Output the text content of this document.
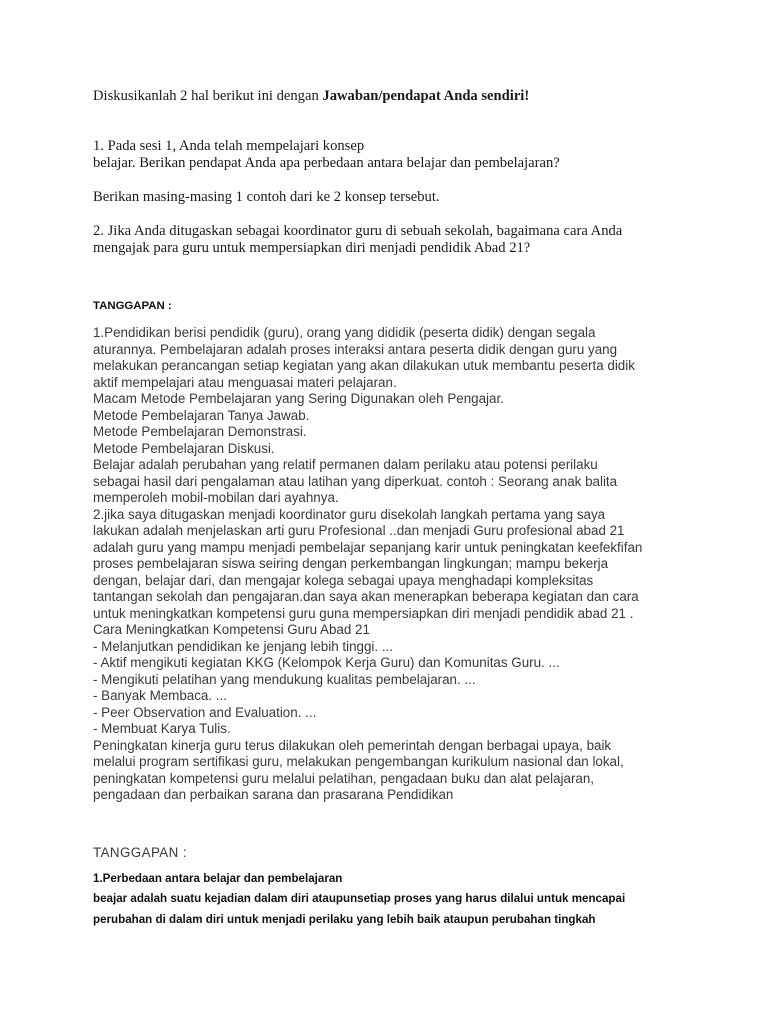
Diskusikanlah 2 hal berikut ini dengan Jawaban/pendapat Anda sendiri!

1. Pada sesi 1, Anda telah mempelajari konsep

belajar. Berikan pendapat Anda apa perbedaan antara belajar dan pembelajaran?

Berikan masing-masing 1 contoh dari ke 2 konsep tersebut.

2. Jika Anda ditugaskan sebagai koordinator guru di sebuah sekolah, bagaimana cara Anda

mengajak para guru untuk mempersiapkan diri menjadi pendidik Abad 21?

TANGGAPAN :

1.Pendidikan berisi pendidik (guru), orang yang dididik (peserta didik) dengan segala

aturannya. Pembelajaran adalah proses interaksi antara peserta didik dengan guru yang

melakukan perancangan setiap kegiatan yang akan dilakukan utuk membantu peserta didik

aktif mempelajari atau menguasai materi pelajaran.

Macam Metode Pembelajaran yang Sering Digunakan oleh Pengajar.

Metode Pembelajaran Tanya Jawab.

Metode Pembelajaran Demonstrasi.

Metode Pembelajaran Diskusi.

Belajar adalah perubahan yang relatif permanen dalam perilaku atau potensi perilaku

sebagai hasil dari pengalaman atau latihan yang diperkuat. contoh : Seorang anak balita

memperoleh mobil-mobilan dari ayahnya.

2.jika saya ditugaskan menjadi koordinator guru disekolah langkah pertama yang saya

lakukan adalah menjelaskan arti guru Profesional ..dan menjadi Guru profesional abad 21

adalah guru yang mampu menjadi pembelajar sepanjang karir untuk peningkatan keefekfifan

proses pembelajaran siswa seiring dengan perkembangan lingkungan; mampu bekerja

dengan, belajar dari, dan mengajar kolega sebagai upaya menghadapi kompleksitas

tantangan sekolah dan pengajaran.dan saya akan menerapkan beberapa kegiatan dan cara

untuk meningkatkan kompetensi guru guna mempersiapkan diri menjadi pendidik abad 21 .

Cara Meningkatkan Kompetensi Guru Abad 21

- Melanjutkan pendidikan ke jenjang lebih tinggi. ...

- Aktif mengikuti kegiatan KKG (Kelompok Kerja Guru) dan Komunitas Guru. ...

- Mengikuti pelatihan yang mendukung kualitas pembelajaran. ...

- Banyak Membaca. ...

- Peer Observation and Evaluation. ...

- Membuat Karya Tulis.

Peningkatan kinerja guru terus dilakukan oleh pemerintah dengan berbagai upaya, baik

melalui program sertifikasi guru, melakukan pengembangan kurikulum nasional dan lokal,

peningkatan kompetensi guru melalui pelatihan, pengadaan buku dan alat pelajaran,

pengadaan dan perbaikan sarana dan prasarana Pendidikan

TANGGAPAN :
1.Perbedaan antara belajar dan pembelajaran

beajar adalah suatu kejadian dalam diri ataupunsetiap proses yang harus dilalui untuk mencapai

perubahan di dalam diri untuk menjadi perilaku yang lebih baik ataupun perubahan tingkah
